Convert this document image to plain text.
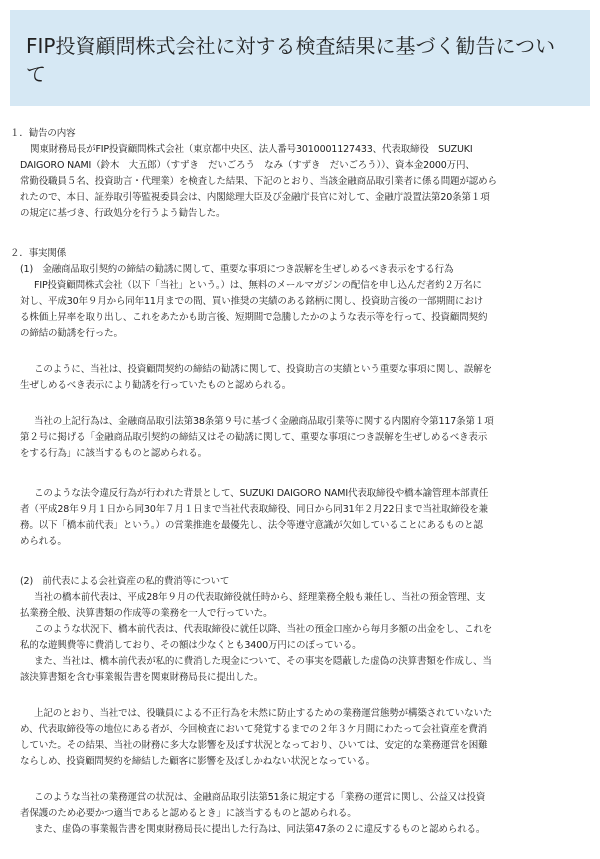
FIP投資顧問株式会社に対する検査結果に基づく勧告について
１．勧告の内容
関東財務局長がFIP投資顧問株式会社（東京都中央区、法人番号3010001127433、代表取締役　SUZUKI
DAIGORO NAMI（鈴木　大五郎）（すずき　だいごろう　なみ（すずき　だいごろう））、資本金2000万円、
常勤役職員５名、投資助言・代理業）を検査した結果、下記のとおり、当該金融商品取引業者に係る問題が認めら
れたので、本日、証券取引等監視委員会は、内閣総理大臣及び金融庁長官に対して、金融庁設置法第20条第１項
の規定に基づき、行政処分を行うよう勧告した。
２．事実関係
(1)　金融商品取引契約の締結の勧誘に関して、重要な事項につき誤解を生ぜしめるべき表示をする行為
FIP投資顧問株式会社（以下「当社」という。）は、無料のメールマガジンの配信を申し込んだ者約２万名に
対し、平成30年９月から同年11月までの間、買い推奨の実績のある銘柄に関し、投資助言後の一部期間におけ
る株価上昇率を取り出し、これをあたかも助言後、短期間で急騰したかのような表示等を行って、投資顧問契約
の締結の勧誘を行った。
このように、当社は、投資顧問契約の締結の勧誘に関して、投資助言の実績という重要な事項に関し、誤解を
生ぜしめるべき表示により勧誘を行っていたものと認められる。
当社の上記行為は、金融商品取引法第38条第９号に基づく金融商品取引業等に関する内閣府令第117条第１項
第２号に掲げる「金融商品取引契約の締結又はその勧誘に関して、重要な事項につき誤解を生ぜしめるべき表示
をする行為」に該当するものと認められる。
このような法令違反行為が行われた背景として、SUZUKI DAIGORO NAMI代表取締役や橋本諭管理本部責任
者（平成28年９月１日から同30年７月１日まで当社代表取締役、同日から同31年２月22日まで当社取締役を兼
務。以下「橋本前代表」という。）の営業推進を最優先し、法令等遵守意識が欠如していることにあるものと認
められる。
(2)　前代表による会社資産の私的費消等について
当社の橋本前代表は、平成28年９月の代表取締役就任時から、経理業務全般も兼任し、当社の預金管理、支
払業務全般、決算書類の作成等の業務を一人で行っていた。
このような状況下、橋本前代表は、代表取締役に就任以降、当社の預金口座から毎月多額の出金をし、これを
私的な遊興費等に費消しており、その額は少なくとも3400万円にのぼっている。
また、当社は、橋本前代表が私的に費消した現金について、その事実を隠蔽した虚偽の決算書類を作成し、当
該決算書類を含む事業報告書を関東財務局長に提出した。
上記のとおり、当社では、役職員による不正行為を未然に防止するための業務運営態勢が構築されていないた
め、代表取締役等の地位にある者が、今回検査において発覚するまでの２年３ケ月間にわたって会社資産を費消
していた。その結果、当社の財務に多大な影響を及ぼす状況となっており、ひいては、安定的な業務運営を困難
ならしめ、投資顧問契約を締結した顧客に影響を及ぼしかねない状況となっている。
このような当社の業務運営の状況は、金融商品取引法第51条に規定する「業務の運営に関し、公益又は投資
者保護のため必要かつ適当であると認めるとき」に該当するものと認められる。
また、虚偽の事業報告書を関東財務局長に提出した行為は、同法第47条の２に違反するものと認められる。
